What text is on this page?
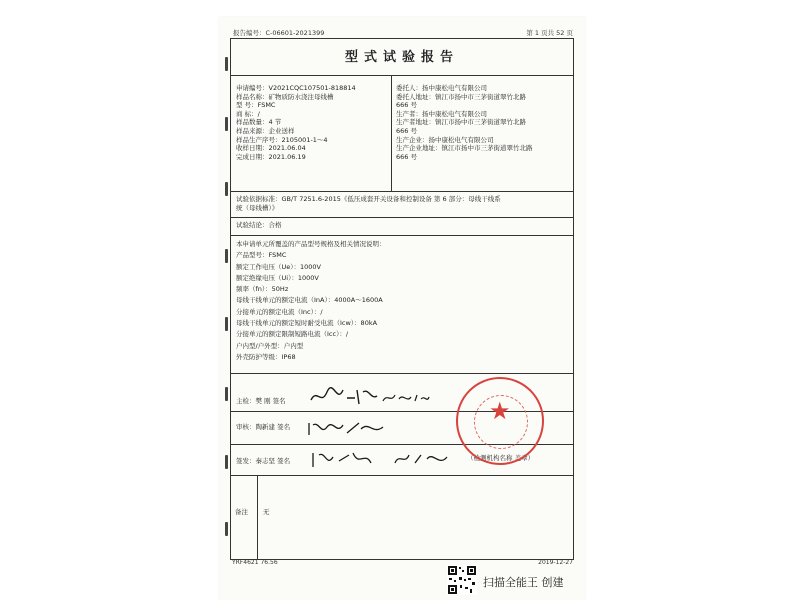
报告编号：C-06601-2021399	第 1 页共 52 页
型式试验报告
申请编号：V2021CQC107501-818814
样品名称：矿物质防水浇注母线槽
型 号：FSMC
商 标：/
样品数量：4 节
样品来源：企业送样
样品生产序号：2105001-1～4
收样日期：2021.06.04
完成日期：2021.06.19
委托人：扬中康松电气有限公司
委托人地址：镇江市扬中市三茅街道翠竹北路
666 号
生产者：扬中康松电气有限公司
生产者地址：镇江市扬中市三茅街道翠竹北路
666 号
生产企业：扬中康松电气有限公司
生产企业地址：镇江市扬中市三茅街道翠竹北路
666 号
试验依据标准：GB/T 7251.6-2015《低压成套开关设备和控制设备 第 6 部分：母线干线系
统（母线槽）》
试验结论：合格
本申请单元所覆盖的产品型号规格及相关情况说明：
产品型号：FSMC
额定工作电压（Ue）：1000V
额定绝缘电压（Ui）：1000V
频率（fn）：50Hz
母线干线单元的额定电流（InA）：4000A～1600A
分接单元的额定电流（Inc）：/
母线干线单元的额定短时耐受电流（Icw）：80kA
分接单元的额定限制短路电流（Icc）：/
户内型/户外型：户内型
外壳防护等级：IP68
主检：樊 刚 签名
审核：陶新建 签名
签发：秦志坚 签名	（检测机构名称 盖章）
备注 无
★
YRF4621 76.56	2019-12-27
扫描全能王 创建
